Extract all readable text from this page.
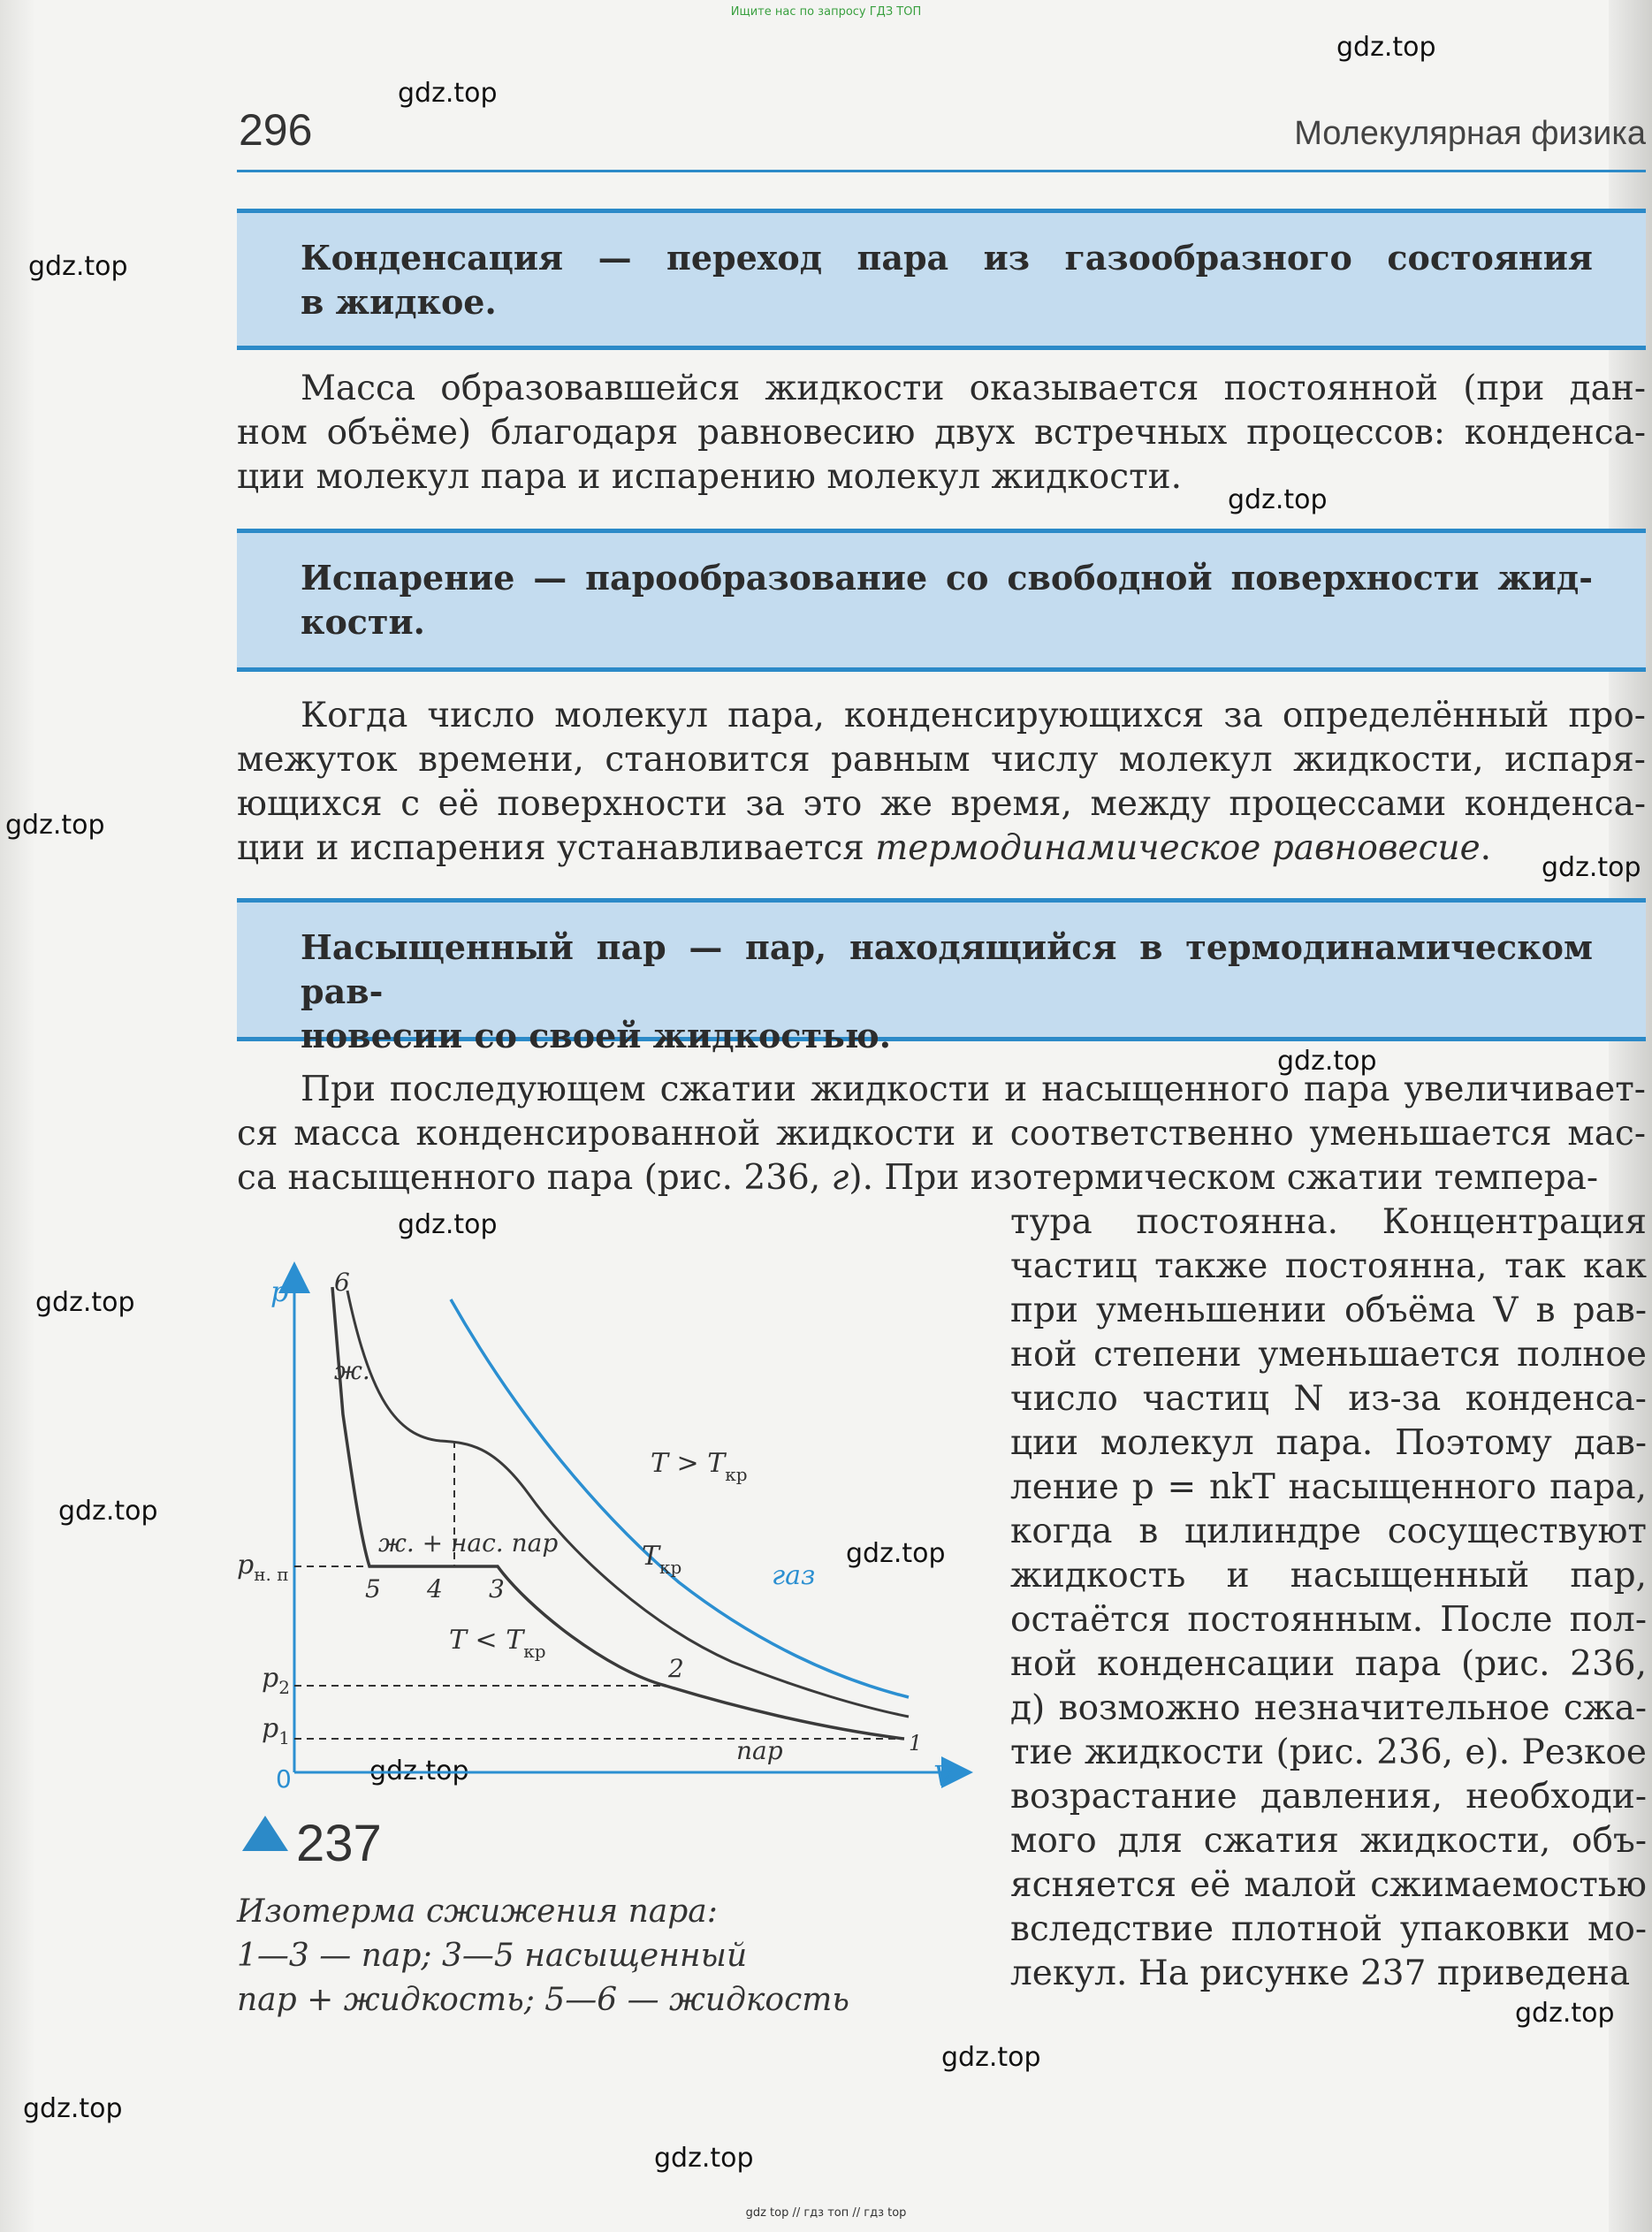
Ищите нас по запросу ГДЗ ТОП
gdz.top
gdz.top
gdz.top
gdz.top
gdz.top
gdz.top
gdz.top
gdz.top
gdz.top
gdz.top
gdz.top
gdz.top
gdz.top
gdz.top
gdz.top
gdz.top
296	Молекулярная физика
Конденсация — переход пара из газообразного состояния
в жидкое.
Масса образовавшейся жидкости оказывается постоянной (при дан-
ном объёме) благодаря равновесию двух встречных процессов: конденса-
ции молекул пара и испарению молекул жидкости.
Испарение — парообразование со свободной поверхности жид-
кости.
Когда число молекул пара, конденсирующихся за определённый про-
межуток времени, становится равным числу молекул жидкости, испаря-
ющихся с её поверхности за это же время, между процессами конденса-
ции и испарения устанавливается термодинамическое равновесие.
Насыщенный пар — пар, находящийся в термодинамическом рав-
новесии со своей жидкостью.
При последующем сжатии жидкости и насыщенного пара увеличивает-
ся масса конденсированной жидкости и соответственно уменьшается мас-
са насыщенного пара (рис. 236, г). При изотермическом сжатии темпера-
тура постоянна. Концентрация
частиц также постоянна, так как
при уменьшении объёма V в рав-
ной степени уменьшается полное
число частиц N из-за конденса-
ции молекул пара. Поэтому дав-
ление p = nkT насыщенного пара,
когда в цилиндре сосуществуют
жидкость и насыщенный пар,
остаётся постоянным. После пол-
ной конденсации пара (рис. 236,
д) возможно незначительное сжа-
тие жидкости (рис. 236, е). Резкое
возрастание давления, необходи-
мого для сжатия жидкости, объ-
ясняется её малой сжимаемостью
вследствие плотной упаковки мо-
лекул. На рисунке 237 приведена
p
V
0
6
5 4 3
2
1
ж.
ж. + нас. пар
пар
газ
$T > T_{кр}$
$T_{кр}$
$T < T_{кр}$
$p_{н. п}$
$p_2$
$p_1$
237
Изотерма сжижения пара:
1—3 — пар; 3—5 насыщенный
пар + жидкость; 5—6 — жидкость
gdz top // гдз топ // гдз top
